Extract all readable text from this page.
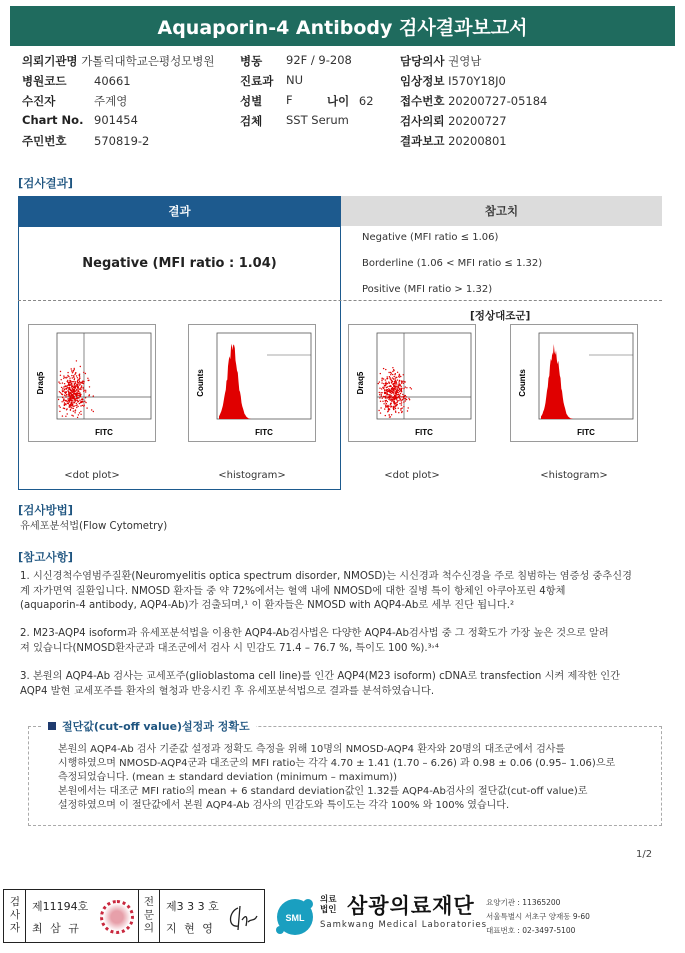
Aquaporin-4 Antibody 검사결과보고서
의뢰기관명 가톨릭대학교은평성모병원 병동 92F / 9-208	담당의사 권영남
병원코드 40661	진료과 NU	임상정보 I570Y18J0
수진자	주계영	성별 F	나이 62 접수번호 20200727-05184
Chart No. 901454	검체 SST Serum	검사의뢰 20200727
주민번호 570819-2	결과보고 20200801
[검사결과]
결과	참고치
Negative (MFI ratio : 1.04)
Negative (MFI ratio ≤ 1.06)
Borderline (1.06 < MFI ratio ≤ 1.32)
Positive (MFI ratio > 1.32)
[정상대조군]
Draq5
FITC
<dot plot>
Counts
FITC
<histogram>
Draq5
FITC
<dot plot>
Counts
FITC
<histogram>
[검사방법]
유세포분석법(Flow Cytometry)
[참고사항]
1. 시신경척수염범주질환(Neuromyelitis optica spectrum disorder, NMOSD)는 시신경과 척수신경을 주로 침범하는 염증성 중추신경
계 자가면역 질환입니다. NMOSD 환자들 중 약 72%에서는 혈액 내에 NMOSD에 대한 질병 특이 항체인 아쿠아포린 4항체
(aquaporin-4 antibody, AQP4-Ab)가 검출되며,¹ 이 환자들은 NMOSD with AQP4-Ab로 세부 진단 됩니다.²
2. M23-AQP4 isoform과 유세포분석법을 이용한 AQP4-Ab검사법은 다양한 AQP4-Ab검사법 중 그 정확도가 가장 높은 것으로 알려
져 있습니다(NMOSD환자군과 대조군에서 검사 시 민감도 71.4 – 76.7 %, 특이도 100 %).³˒⁴
3. 본원의 AQP4-Ab 검사는 교세포주(glioblastoma cell line)를 인간 AQP4(M23 isoform) cDNA로 transfection 시켜 제작한 인간
AQP4 발현 교세포주를 환자의 혈청과 반응시킨 후 유세포분석법으로 결과를 분석하였습니다.
절단값(cut-off value)설정과 정확도
본원의 AQP4-Ab 검사 기준값 설정과 정확도 측정을 위해 10명의 NMOSD-AQP4 환자와 20명의 대조군에서 검사를
시행하였으며 NMOSD-AQP4군과 대조군의 MFI ratio는 각각 4.70 ± 1.41 (1.70 – 6.26) 과 0.98 ± 0.06 (0.95– 1.06)으로
측정되었습니다. (mean ± standard deviation (minimum – maximum))
본원에서는 대조군 MFI ratio의 mean + 6 standard deviation값인 1.32를 AQP4-Ab검사의 절단값(cut-off value)로
설정하였으며 이 절단값에서 본원 AQP4-Ab 검사의 민감도와 특이도는 각각 100% 와 100% 였습니다.
1/2
검
사
자
제11194호
최 삼 규
전
문
의
제3 3 3 호
지 현 영
SML
의료
법인 삼광의료재단
Samkwang Medical Laboratories
요양기관 : 11365200
서울특별시 서초구 양재동 9-60
대표번호 : 02-3497-5100
